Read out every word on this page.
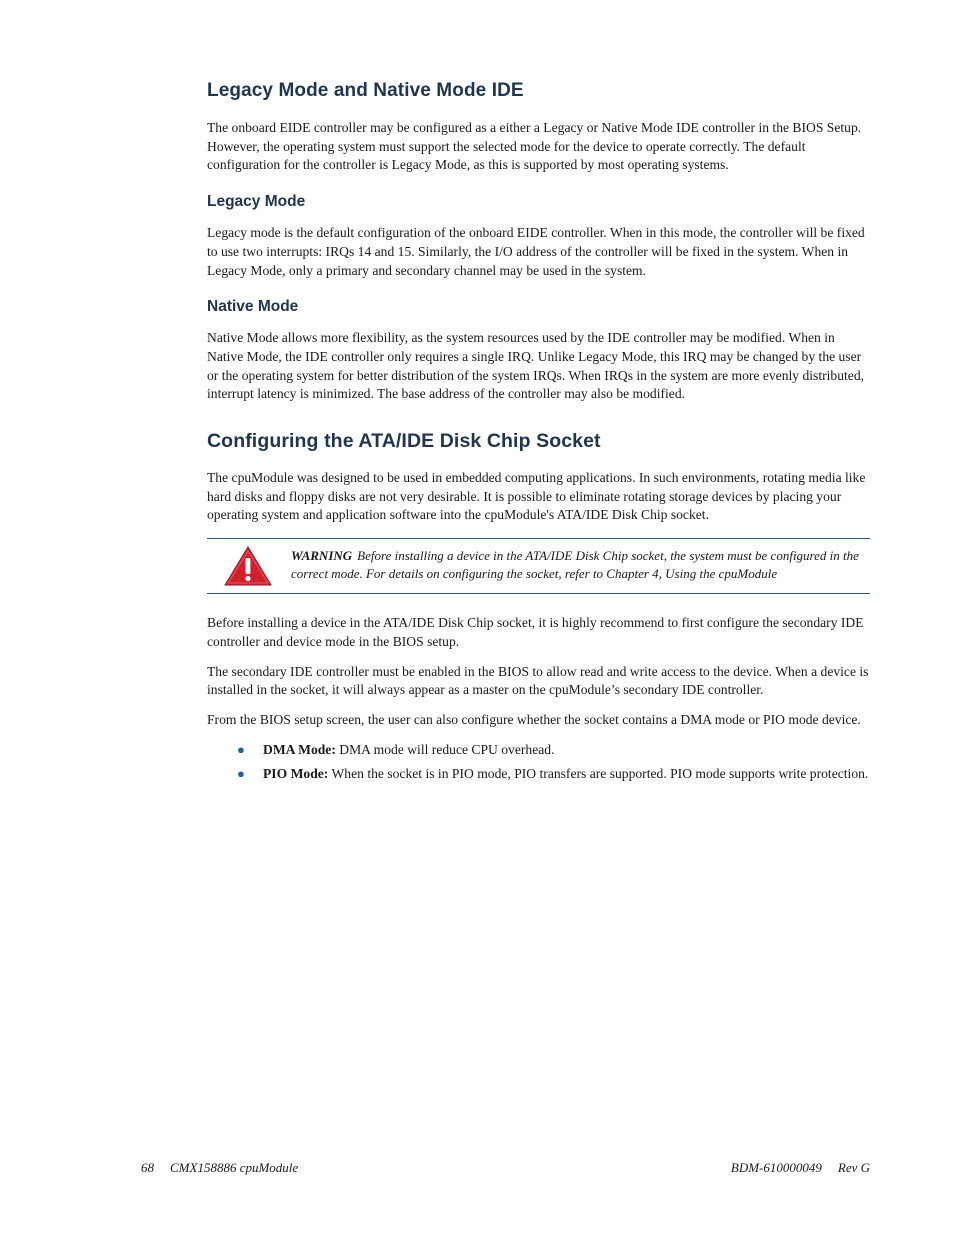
Legacy Mode and Native Mode IDE

The onboard EIDE controller may be configured as a either a Legacy or Native Mode IDE controller in the BIOS Setup. However, the operating system must support the selected mode for the device to operate correctly. The default configuration for the controller is Legacy Mode, as this is supported by most operating systems.

Legacy Mode

Legacy mode is the default configuration of the onboard EIDE controller. When in this mode, the controller will be fixed to use two interrupts: IRQs 14 and 15. Similarly, the I/O address of the controller will be fixed in the system. When in Legacy Mode, only a primary and secondary channel may be used in the system.

Native Mode

Native Mode allows more flexibility, as the system resources used by the IDE controller may be modified. When in Native Mode, the IDE controller only requires a single IRQ. Unlike Legacy Mode, this IRQ may be changed by the user or the operating system for better distribution of the system IRQs. When IRQs in the system are more evenly distributed, interrupt latency is minimized. The base address of the controller may also be modified.

Configuring the ATA/IDE Disk Chip Socket

The cpuModule was designed to be used in embedded computing applications. In such environments, rotating media like hard disks and floppy disks are not very desirable. It is possible to eliminate rotating storage devices by placing your operating system and application software into the cpuModule's ATA/IDE Disk Chip socket.

WARNING Before installing a device in the ATA/IDE Disk Chip socket, the system must be configured in the correct mode. For details on configuring the socket, refer to Chapter 4, Using the cpuModule

Before installing a device in the ATA/IDE Disk Chip socket, it is highly recommend to first configure the secondary IDE controller and device mode in the BIOS setup.

The secondary IDE controller must be enabled in the BIOS to allow read and write access to the device. When a device is installed in the socket, it will always appear as a master on the cpuModule’s secondary IDE controller.

From the BIOS setup screen, the user can also configure whether the socket contains a DMA mode or PIO mode device.

● DMA Mode: DMA mode will reduce CPU overhead.
● PIO Mode: When the socket is in PIO mode, PIO transfers are supported. PIO mode supports write protection.
68 CMX158886 cpuModule	BDM-610000049 Rev G
